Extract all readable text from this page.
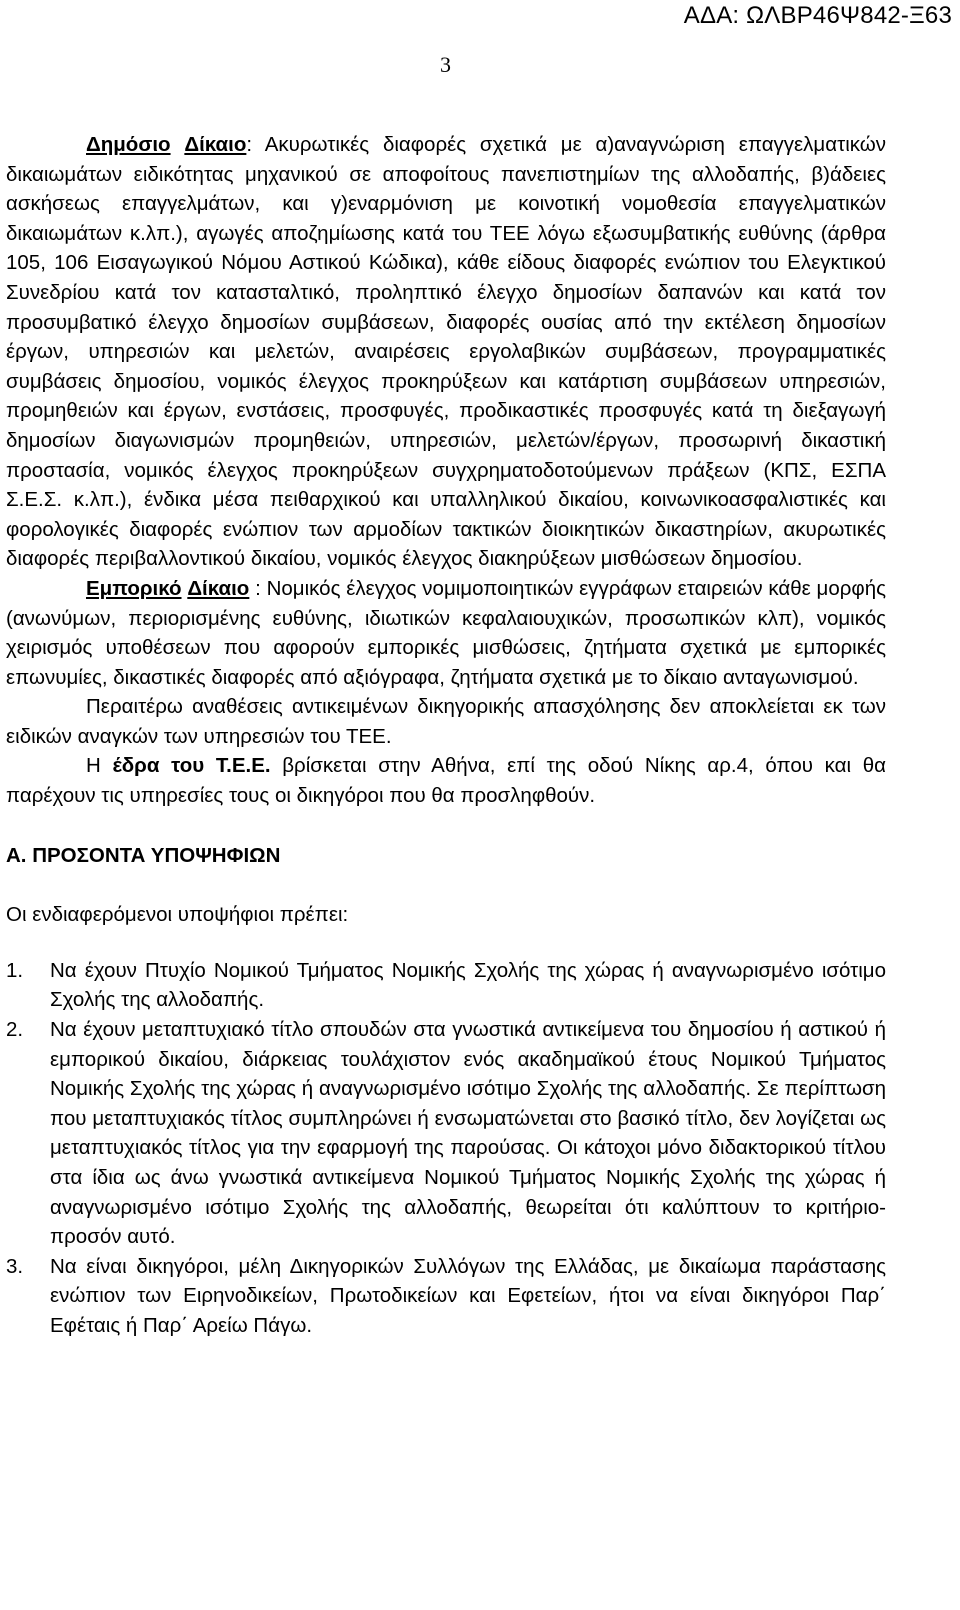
ΑΔΑ: ΩΛΒΡ46Ψ842-Ξ63
3

Δημόσιο Δίκαιο: Ακυρωτικές διαφορές σχετικά με α)αναγνώριση επαγγελματικών δικαιωμάτων ειδικότητας μηχανικού σε αποφοίτους πανεπιστημίων της αλλοδαπής, β)άδειες ασκήσεως επαγγελμάτων, και γ)εναρμόνιση με κοινοτική νομοθεσία επαγγελματικών δικαιωμάτων κ.λπ.), αγωγές αποζημίωσης κατά του ΤΕΕ λόγω εξωσυμβατικής ευθύνης (άρθρα 105, 106 Εισαγωγικού Νόμου Αστικού Κώδικα), κάθε είδους διαφορές ενώπιον του Ελεγκτικού Συνεδρίου κατά τον κατασταλτικό, προληπτικό έλεγχο δημοσίων δαπανών και κατά τον προσυμβατικό έλεγχο δημοσίων συμβάσεων, διαφορές ουσίας από την εκτέλεση δημοσίων έργων, υπηρεσιών και μελετών, αναιρέσεις εργολαβικών συμβάσεων, προγραμματικές συμβάσεις δημοσίου, νομικός έλεγχος προκηρύξεων και κατάρτιση συμβάσεων υπηρεσιών, προμηθειών και έργων, ενστάσεις, προσφυγές, προδικαστικές προσφυγές κατά τη διεξαγωγή δημοσίων διαγωνισμών προμηθειών, υπηρεσιών, μελετών/έργων, προσωρινή δικαστική προστασία, νομικός έλεγχος προκηρύξεων συγχρηματοδοτούμενων πράξεων (ΚΠΣ, ΕΣΠΑ Σ.Ε.Σ. κ.λπ.), ένδικα μέσα πειθαρχικού και υπαλληλικού δικαίου, κοινωνικοασφαλιστικές και φορολογικές διαφορές ενώπιον των αρμοδίων τακτικών διοικητικών δικαστηρίων, ακυρωτικές διαφορές περιβαλλοντικού δικαίου, νομικός έλεγχος διακηρύξεων μισθώσεων δημοσίου.

Εμπορικό Δίκαιο : Νομικός έλεγχος νομιμοποιητικών εγγράφων εταιρειών κάθε μορφής (ανωνύμων, περιορισμένης ευθύνης, ιδιωτικών κεφαλαιουχικών, προσωπικών κλπ), νομικός χειρισμός υποθέσεων που αφορούν εμπορικές μισθώσεις, ζητήματα σχετικά με εμπορικές επωνυμίες, δικαστικές διαφορές από αξιόγραφα, ζητήματα σχετικά με το δίκαιο ανταγωνισμού.

Περαιτέρω αναθέσεις αντικειμένων δικηγορικής απασχόλησης δεν αποκλείεται εκ των ειδικών αναγκών των υπηρεσιών του ΤΕΕ.

Η έδρα του Τ.Ε.Ε. βρίσκεται στην Αθήνα, επί της οδού Νίκης αρ.4, όπου και θα παρέχουν τις υπηρεσίες τους οι δικηγόροι που θα προσληφθούν.

Α. ΠΡΟΣΟΝΤΑ ΥΠΟΨΗΦΙΩΝ
Οι ενδιαφερόμενοι υποψήφιοι πρέπει:
1. Να έχουν Πτυχίο Νομικού Τμήματος Νομικής Σχολής της χώρας ή αναγνωρισμένο ισότιμο Σχολής της αλλοδαπής.
2. Να έχουν μεταπτυχιακό τίτλο σπουδών στα γνωστικά αντικείμενα του δημοσίου ή αστικού ή εμπορικού δικαίου, διάρκειας τουλάχιστον ενός ακαδημαϊκού έτους Νομικού Τμήματος Νομικής Σχολής της χώρας ή αναγνωρισμένο ισότιμο Σχολής της αλλοδαπής. Σε περίπτωση που μεταπτυχιακός τίτλος συμπληρώνει ή ενσωματώνεται στο βασικό τίτλο, δεν λογίζεται ως μεταπτυχιακός τίτλος για την εφαρμογή της παρούσας. Οι κάτοχοι μόνο διδακτορικού τίτλου στα ίδια ως άνω γνωστικά αντικείμενα Νομικού Τμήματος Νομικής Σχολής της χώρας ή αναγνωρισμένο ισότιμο Σχολής της αλλοδαπής, θεωρείται ότι καλύπτουν το κριτήριο-προσόν αυτό.
3. Να είναι δικηγόροι, μέλη Δικηγορικών Συλλόγων της Ελλάδας, με δικαίωμα παράστασης ενώπιον των Ειρηνοδικείων, Πρωτοδικείων και Εφετείων, ήτοι να είναι δικηγόροι Παρ΄ Εφέταις ή Παρ΄ Αρείω Πάγω.
